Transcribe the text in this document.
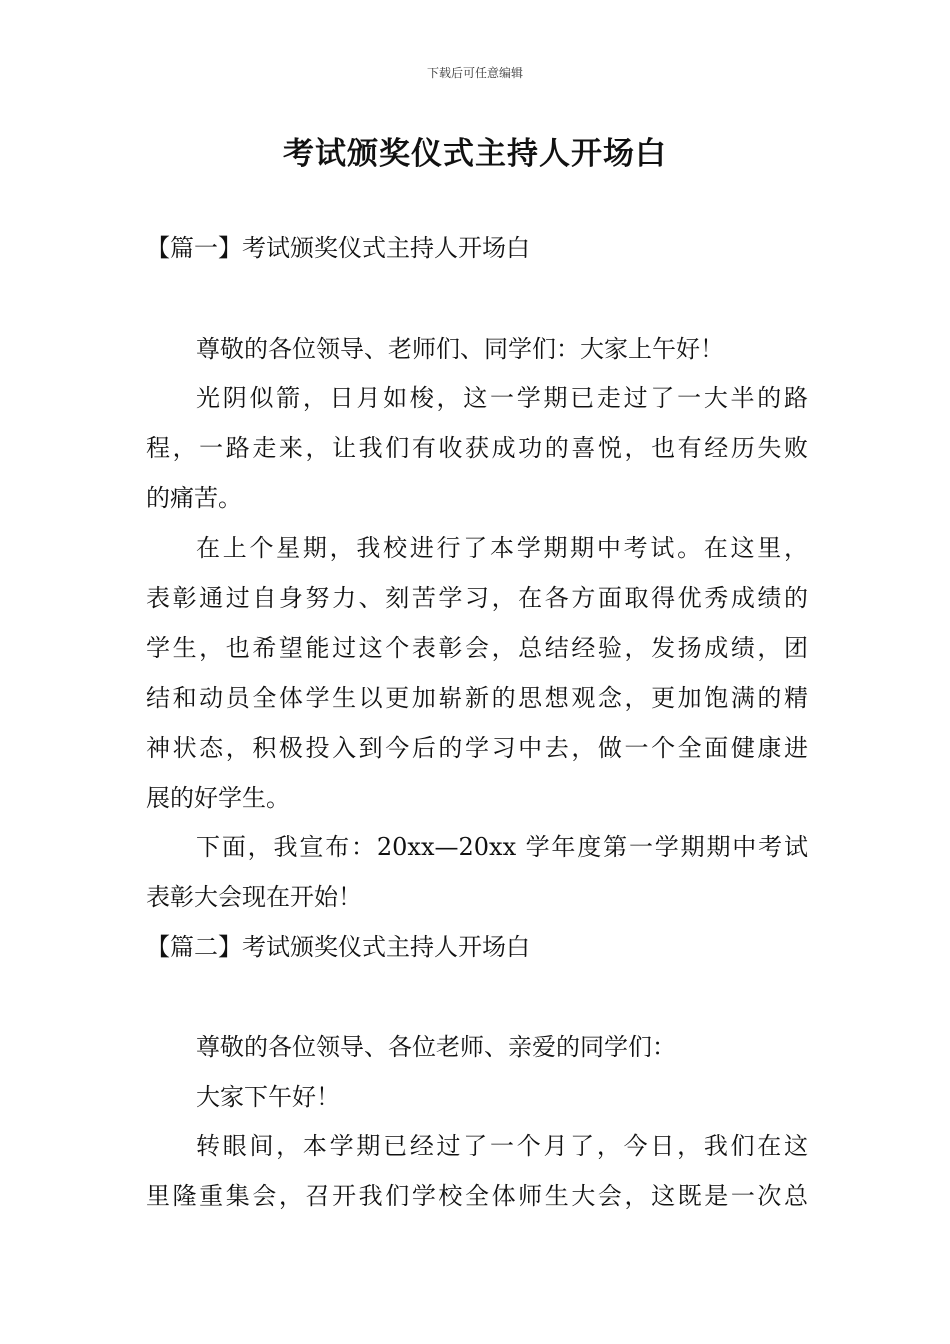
下载后可任意编辑
考试颁奖仪式主持人开场白
【篇一】考试颁奖仪式主持人开场白
尊敬的各位领导、老师们、同学们：大家上午好！
光阴似箭，日月如梭，这一学期已走过了一大半的路
程，一路走来，让我们有收获成功的喜悦，也有经历失败
的痛苦。
在上个星期，我校进行了本学期期中考试。在这里，
表彰通过自身努力、刻苦学习，在各方面取得优秀成绩的
学生，也希望能过这个表彰会，总结经验，发扬成绩，团
结和动员全体学生以更加崭新的思想观念，更加饱满的精
神状态，积极投入到今后的学习中去，做一个全面健康进
展的好学生。
下面，我宣布：20xx—20xx 学年度第一学期期中考试
表彰大会现在开始！
【篇二】考试颁奖仪式主持人开场白
尊敬的各位领导、各位老师、亲爱的同学们：
大家下午好！
转眼间，本学期已经过了一个月了，今日，我们在这
里隆重集会，召开我们学校全体师生大会，这既是一次总
